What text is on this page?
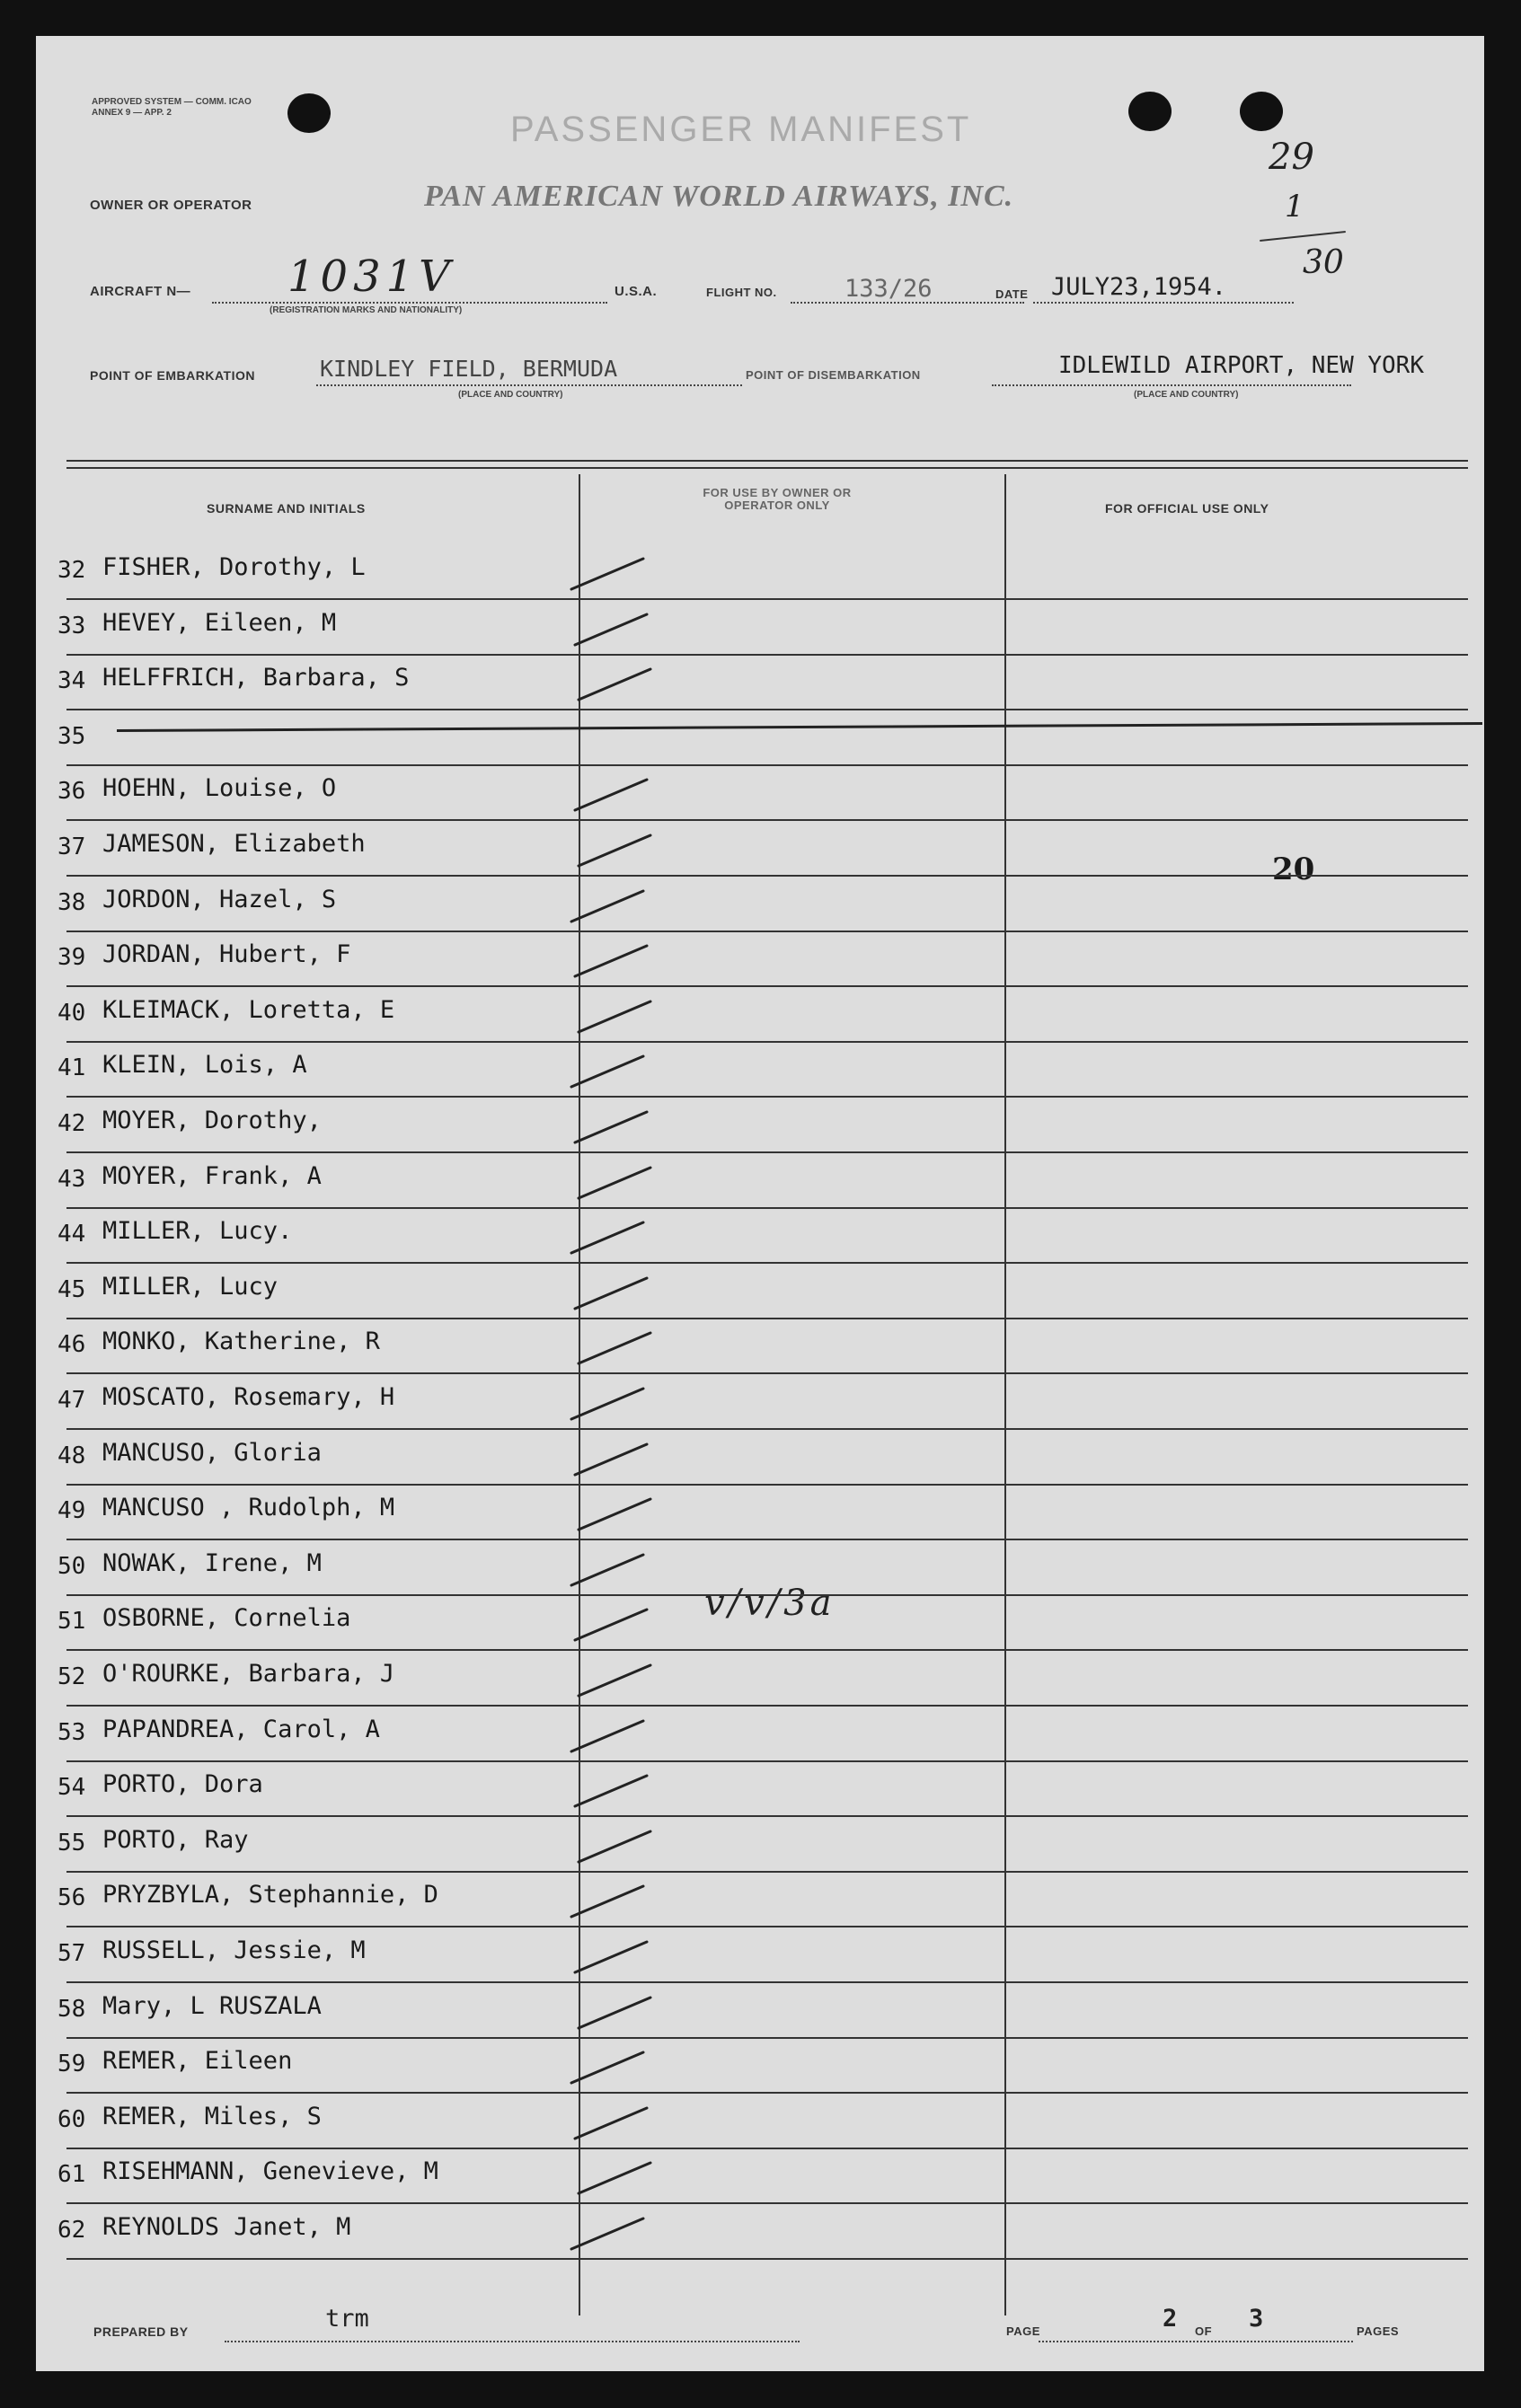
APPROVED SYSTEM — COMM. ICAO ANNEX 9 — APP. 2	PASSENGER MANIFEST
OWNER OR OPERATOR	PAN AMERICAN WORLD AIRWAYS, INC.
29
1
30
AIRCRAFT N— 1031V
(REGISTRATION MARKS AND NATIONALITY)
U.S.A.	FLIGHT NO.	133/26	DATE JULY23,1954.
POINT OF EMBARKATION	KINDLEY FIELD, BERMUDA
(PLACE AND COUNTRY)
POINT OF DISEMBARKATION	IDLEWILD AIRPORT, NEW YORK
(PLACE AND COUNTRY)
SURNAME AND INITIALS
FOR USE BY OWNER OR OPERATOR ONLY	FOR OFFICIAL USE ONLY
20
v/v/3a
32 FISHER, Dorothy, L
33 HEVEY, Eileen, M
34 HELFFRICH, Barbara, S
35
36 HOEHN, Louise, O
37 JAMESON, Elizabeth
38 JORDON, Hazel, S
39 JORDAN, Hubert, F
40 KLEIMACK, Loretta, E
41 KLEIN, Lois, A
42 MOYER, Dorothy,
43 MOYER, Frank, A
44 MILLER, Lucy.
45 MILLER, Lucy
46 MONKO, Katherine, R
47 MOSCATO, Rosemary, H
48 MANCUSO, Gloria
49 MANCUSO , Rudolph, M
50 NOWAK, Irene, M
51 OSBORNE, Cornelia
52 O'ROURKE, Barbara, J
53 PAPANDREA, Carol, A
54 PORTO, Dora
55 PORTO, Ray
56 PRYZBYLA, Stephannie, D
57 RUSSELL, Jessie, M
58 Mary, L RUSZALA
59 REMER, Eileen
60 REMER, Miles, S
61 RISEHMANN, Genevieve, M
62 REYNOLDS Janet, M
PREPARED BY	trm	PAGE	2 OF 3	PAGES
